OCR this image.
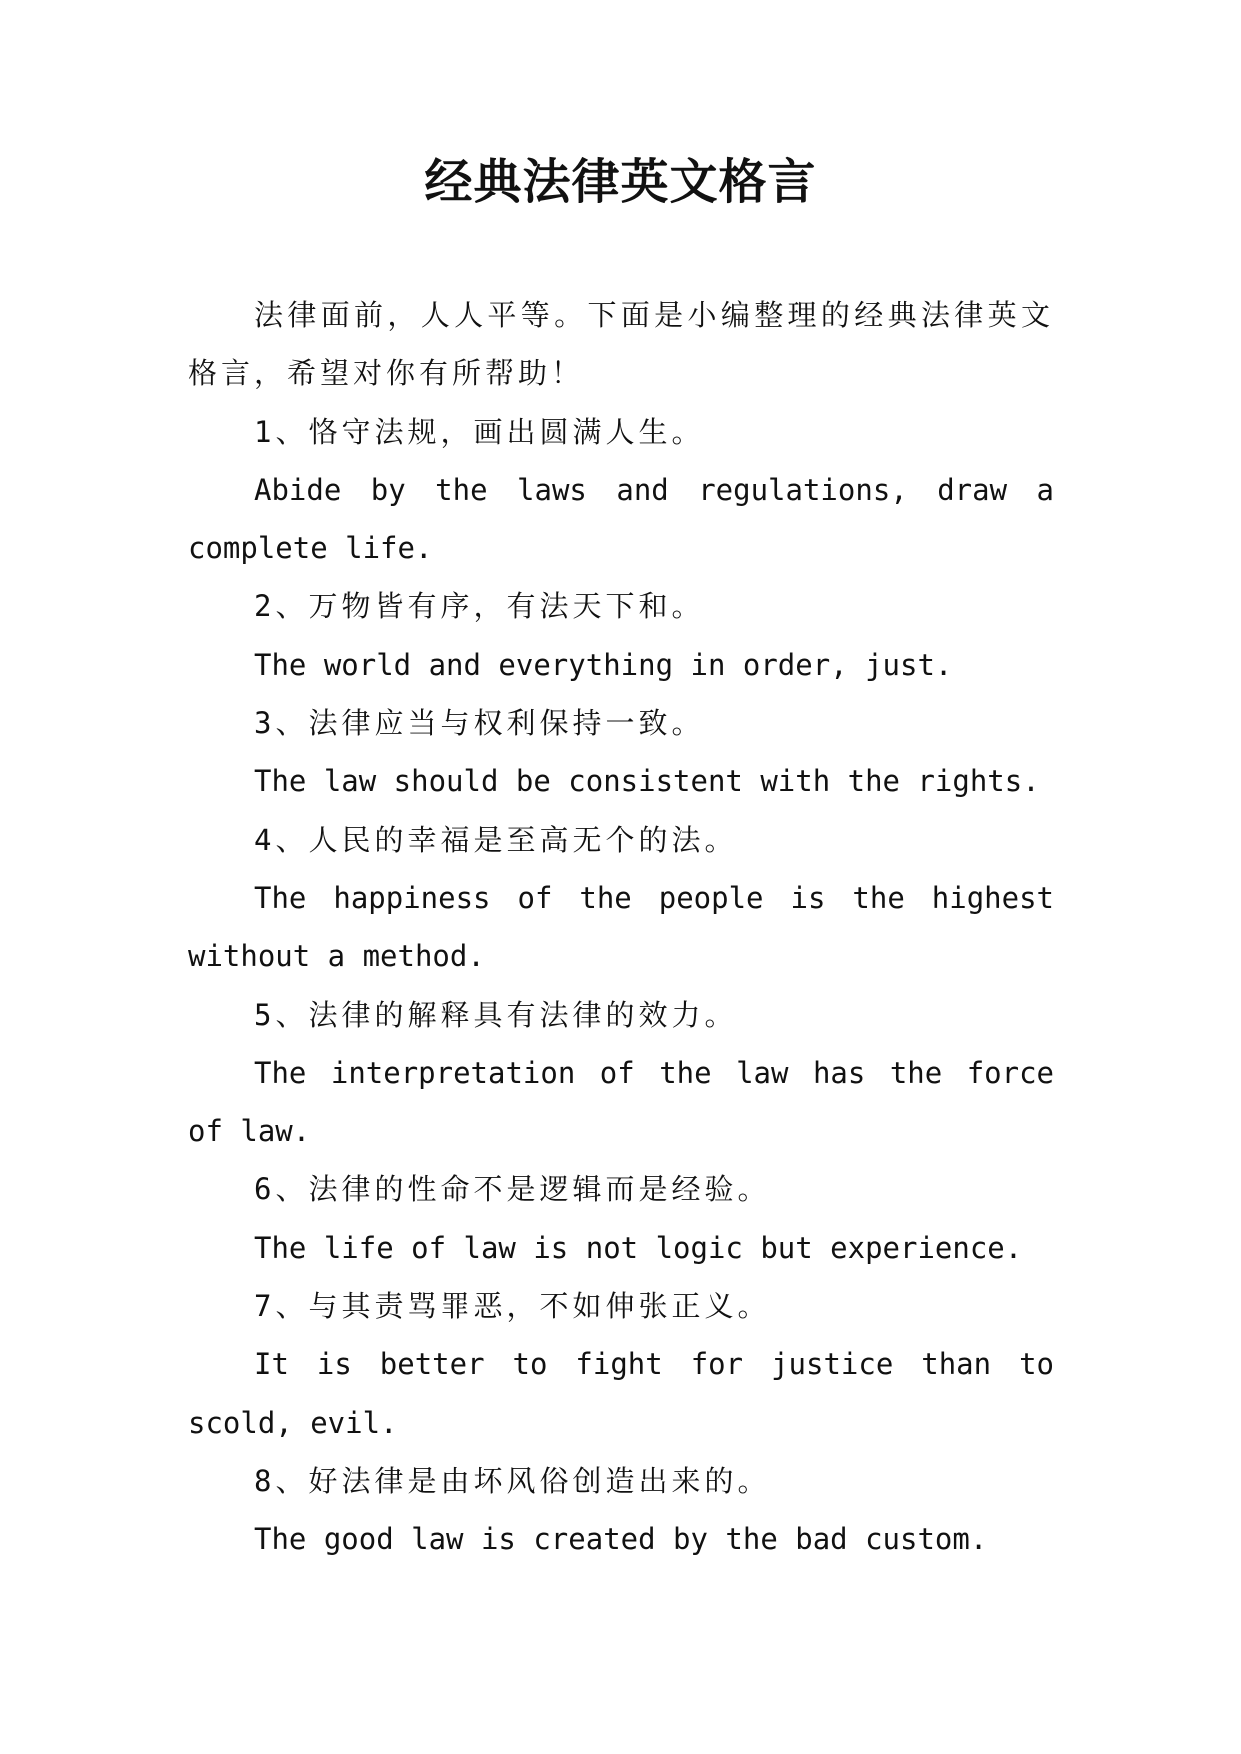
经典法律英文格言

法律面前，人人平等。下面是小编整理的经典法律英文格言，希望对你有所帮助！

1、恪守法规，画出圆满人生。

Abide by the laws and regulations, draw a complete life.

2、万物皆有序，有法天下和。

The world and everything in order, just.

3、法律应当与权利保持一致。

The law should be consistent with the rights.

4、人民的幸福是至高无个的法。

The happiness of the people is the highest without a method.

5、法律的解释具有法律的效力。

The interpretation of the law has the force of law.

6、法律的性命不是逻辑而是经验。

The life of law is not logic but experience.

7、与其责骂罪恶，不如伸张正义。

It is better to fight for justice than to scold, evil.

8、好法律是由坏风俗创造出来的。

The good law is created by the bad custom.
